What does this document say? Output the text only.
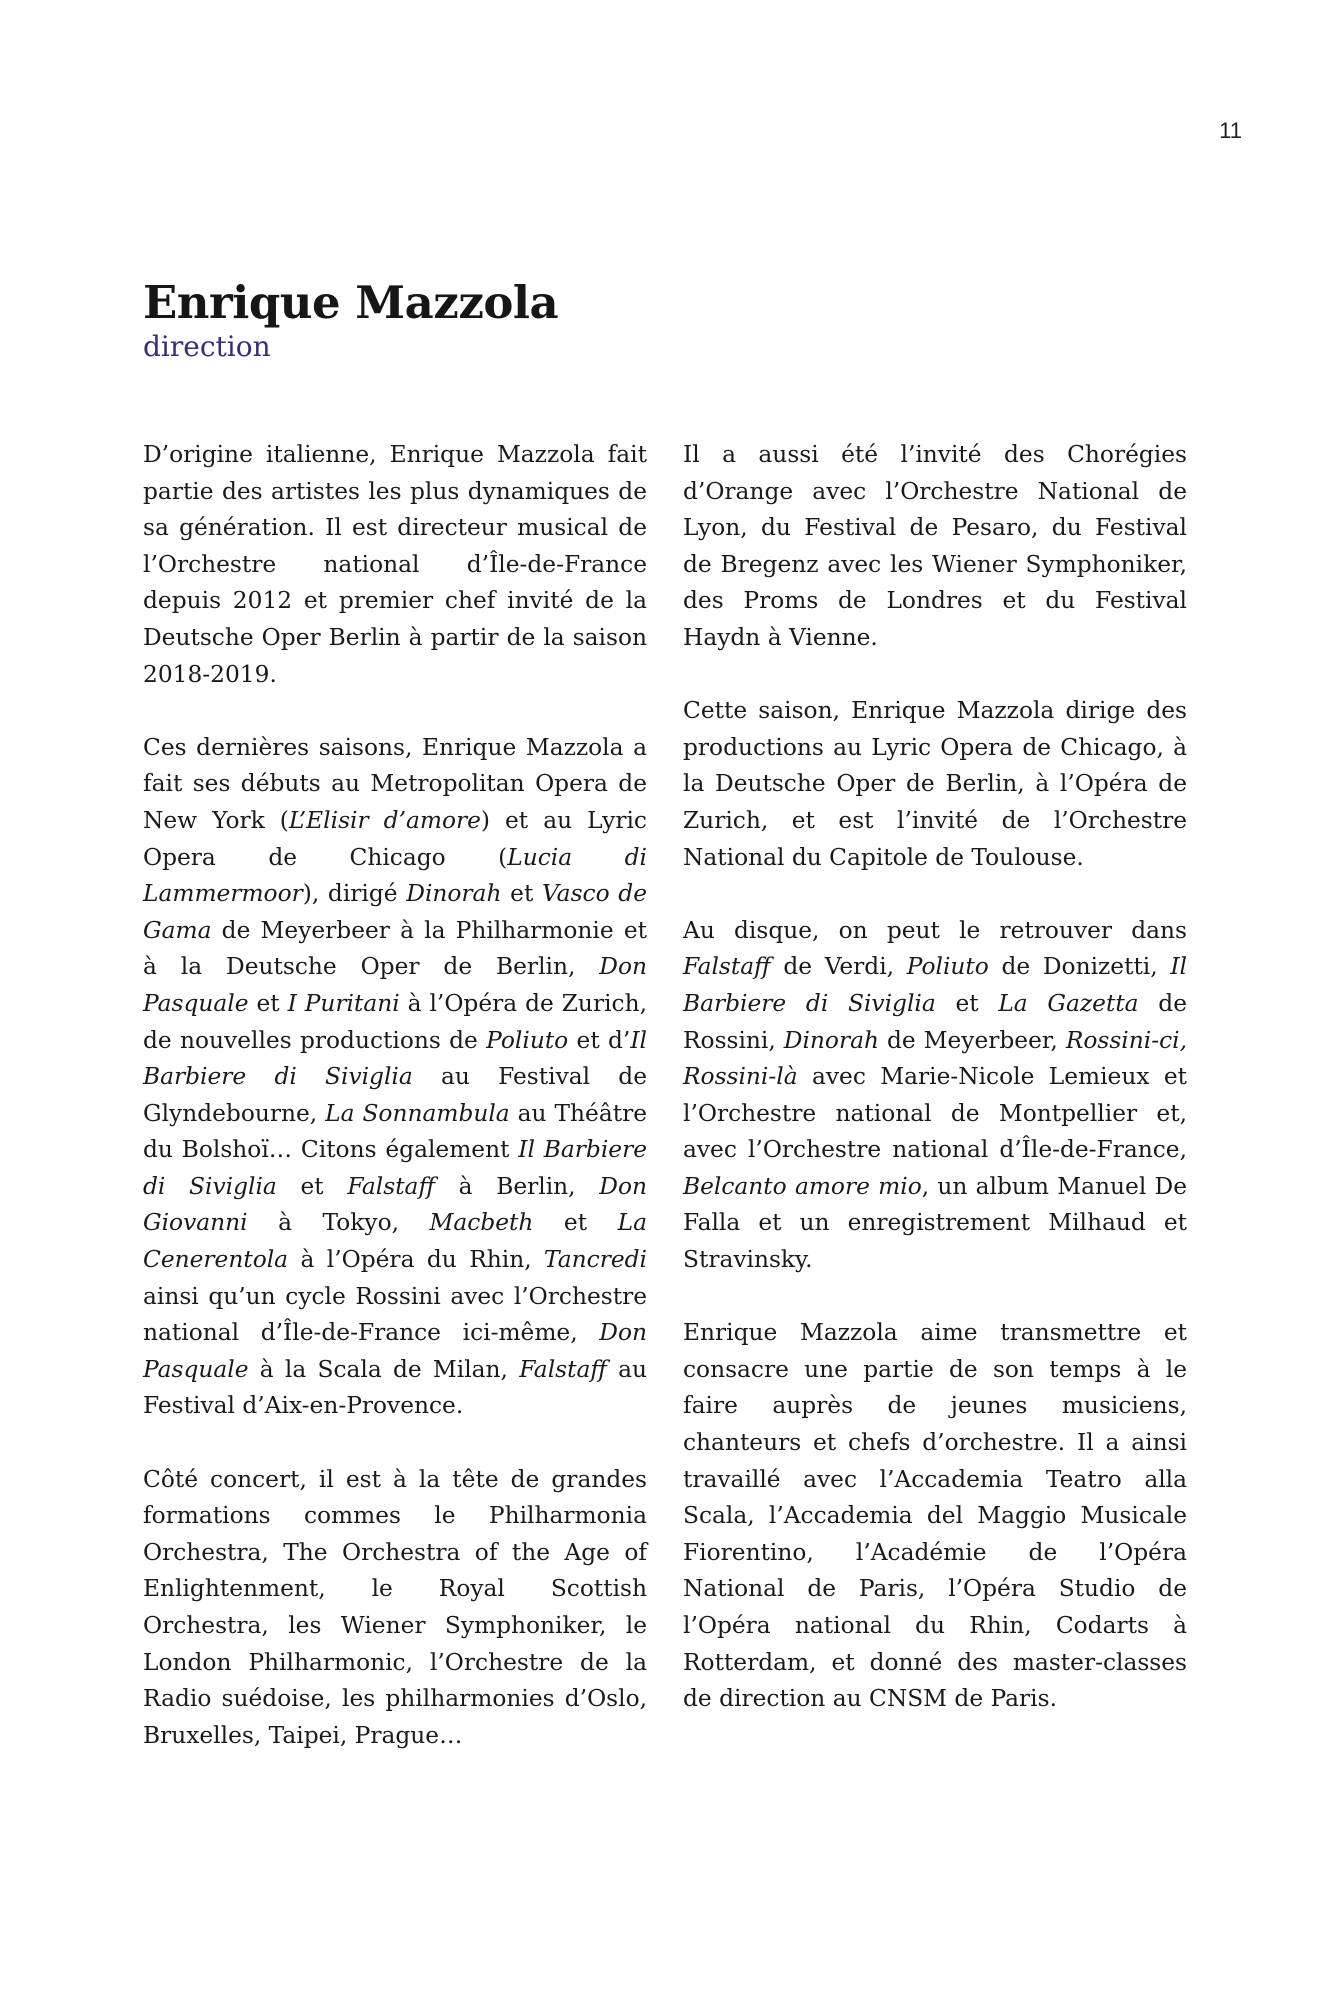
11
Enrique Mazzola

direction

D’origine italienne, Enrique Mazzola fait partie des artistes les plus dynamiques de sa génération. Il est directeur musical de l’Orchestre national d’Île-de-France depuis 2012 et premier chef invité de la Deutsche Oper Berlin à partir de la saison 2018-2019.

Ces dernières saisons, Enrique Mazzola a fait ses débuts au Metropolitan Opera de New York (L’Elisir d’amore) et au Lyric Opera de Chicago (Lucia di Lammermoor), dirigé Dinorah et Vasco de Gama de Meyerbeer à la Philharmonie et à la Deutsche Oper de Berlin, Don Pasquale et I Puritani à l’Opéra de Zurich, de nouvelles productions de Poliuto et d’Il Barbiere di Siviglia au Festival de Glyndebourne, La Sonnambula au Théâtre du Bolshoï… Citons également Il Barbiere di Siviglia et Falstaff à Berlin, Don Giovanni à Tokyo, Macbeth et La Cenerentola à l’Opéra du Rhin, Tancredi ainsi qu’un cycle Rossini avec l’Orchestre national d’Île-de-France ici-même, Don Pasquale à la Scala de Milan, Falstaff au Festival d’Aix-en-Provence.

Côté concert, il est à la tête de grandes formations commes le Philharmonia Orchestra, The Orchestra of the Age of Enlightenment, le Royal Scottish Orchestra, les Wiener Symphoniker, le London Philharmonic, l’Orchestre de la Radio suédoise, les philharmonies d’Oslo, Bruxelles, Taipei, Prague…

Il a aussi été l’invité des Chorégies d’Orange avec l’Orchestre National de Lyon, du Festival de Pesaro, du Festival de Bregenz avec les Wiener Symphoniker, des Proms de Londres et du Festival Haydn à Vienne.

Cette saison, Enrique Mazzola dirige des productions au Lyric Opera de Chicago, à la Deutsche Oper de Berlin, à l’Opéra de Zurich, et est l’invité de l’Orchestre National du Capitole de Toulouse.

Au disque, on peut le retrouver dans Falstaff de Verdi, Poliuto de Donizetti, Il Barbiere di Siviglia et La Gazetta de Rossini, Dinorah de Meyerbeer, Rossini-ci, Rossini-là avec Marie-Nicole Lemieux et l’Orchestre national de Montpellier et, avec l’Orchestre national d’Île-de-France, Belcanto amore mio, un album Manuel De Falla et un enregistrement Milhaud et Stravinsky.

Enrique Mazzola aime transmettre et consacre une partie de son temps à le faire auprès de jeunes musiciens, chanteurs et chefs d’orchestre. Il a ainsi travaillé avec l’Accademia Teatro alla Scala, l’Accademia del Maggio Musicale Fiorentino, l’Académie de l’Opéra National de Paris, l’Opéra Studio de l’Opéra national du Rhin, Codarts à Rotterdam, et donné des master-classes de direction au CNSM de Paris.
